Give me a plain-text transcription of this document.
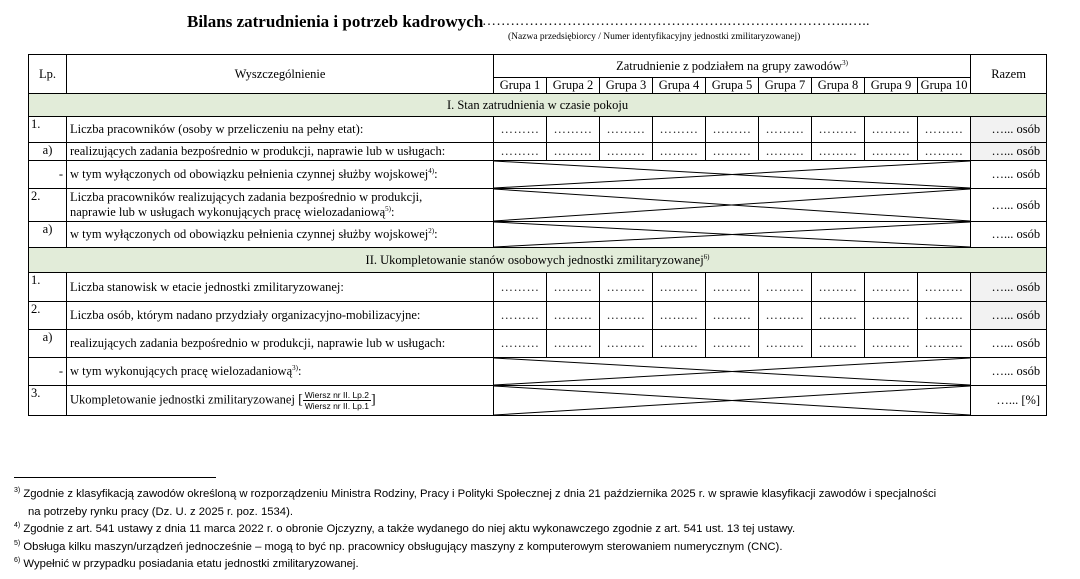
Bilans zatrudnienia i potrzeb kadrowych
…………………………………………….……………………..…..
(Nazwa przedsiębiorcy / Numer identyfikacyjny jednostki zmilitaryzowanej)
Lp.	Wyszczególnienie	Zatrudnienie z podziałem na grupy zawodów$^{3)}$									Razem
		Grupa 1	Grupa 2	Grupa 3	Grupa 4	Grupa 5	Grupa 7	Grupa 8	Grupa 9	Grupa 10	
I. Stan zatrudnienia w czasie pokoju											
1.	Liczba pracowników (osoby w przeliczeniu na pełny etat):	………	………	………	………	………	………	………	………	………	…... osób
a)	realizujących zadania bezpośrednio w produkcji, naprawie lub w usługach:	………	………	………	………	………	………	………	………	………	…... osób
-	w tym wyłączonych od obowiązku pełnienia czynnej służby wojskowej$^{4)}$:										…... osób
2.	Liczba pracowników realizujących zadania bezpośrednio w produkcji,
naprawie lub w usługach wykonujących pracę wielozadaniową$^{5)}$:										…... osób
a)	w tym wyłączonych od obowiązku pełnienia czynnej służby wojskowej$^{2)}$:										…... osób
II. Ukompletowanie stanów osobowych jednostki zmilitaryzowanej$^{6)}$
1.	Liczba stanowisk w etacie jednostki zmilitaryzowanej:	………	………	………	………	………	………	………	………	………	…... osób
2.	Liczba osób, którym nadano przydziały organizacyjno-mobilizacyjne:	………	………	………	………	………	………	………	………	………	…... osób
a)	realizujących zadania bezpośrednio w produkcji, naprawie lub w usługach:	………	………	………	………	………	………	………	………	………	…... osób
-	w tym wykonujących pracę wielozadaniową$^{3)}$:										…... osób
3.	Ukompletowanie jednostki zmilitaryzowanej [ $\frac{\text{Wiersz nr II. Lp.2}}{\text{Wiersz nr II. Lp.1}}$ ]										…... [%]

$^{3)}$ Zgodnie z klasyfikacją zawodów określoną w rozporządzeniu Ministra Rodziny, Pracy i Polityki Społecznej z dnia 21 października 2025 r. w sprawie klasyfikacji zawodów i specjalności

na potrzeby rynku pracy (Dz. U. z 2025 r. poz. 1534).

$^{4)}$ Zgodnie z art. 541 ustawy z dnia 11 marca 2022 r. o obronie Ojczyzny, a także wydanego do niej aktu wykonawczego zgodnie z art. 541 ust. 13 tej ustawy.

$^{5)}$ Obsługa kilku maszyn/urządzeń jednocześnie – mogą to być np. pracownicy obsługujący maszyny z komputerowym sterowaniem numerycznym (CNC).

$^{6)}$ Wypełnić w przypadku posiadania etatu jednostki zmilitaryzowanej.
